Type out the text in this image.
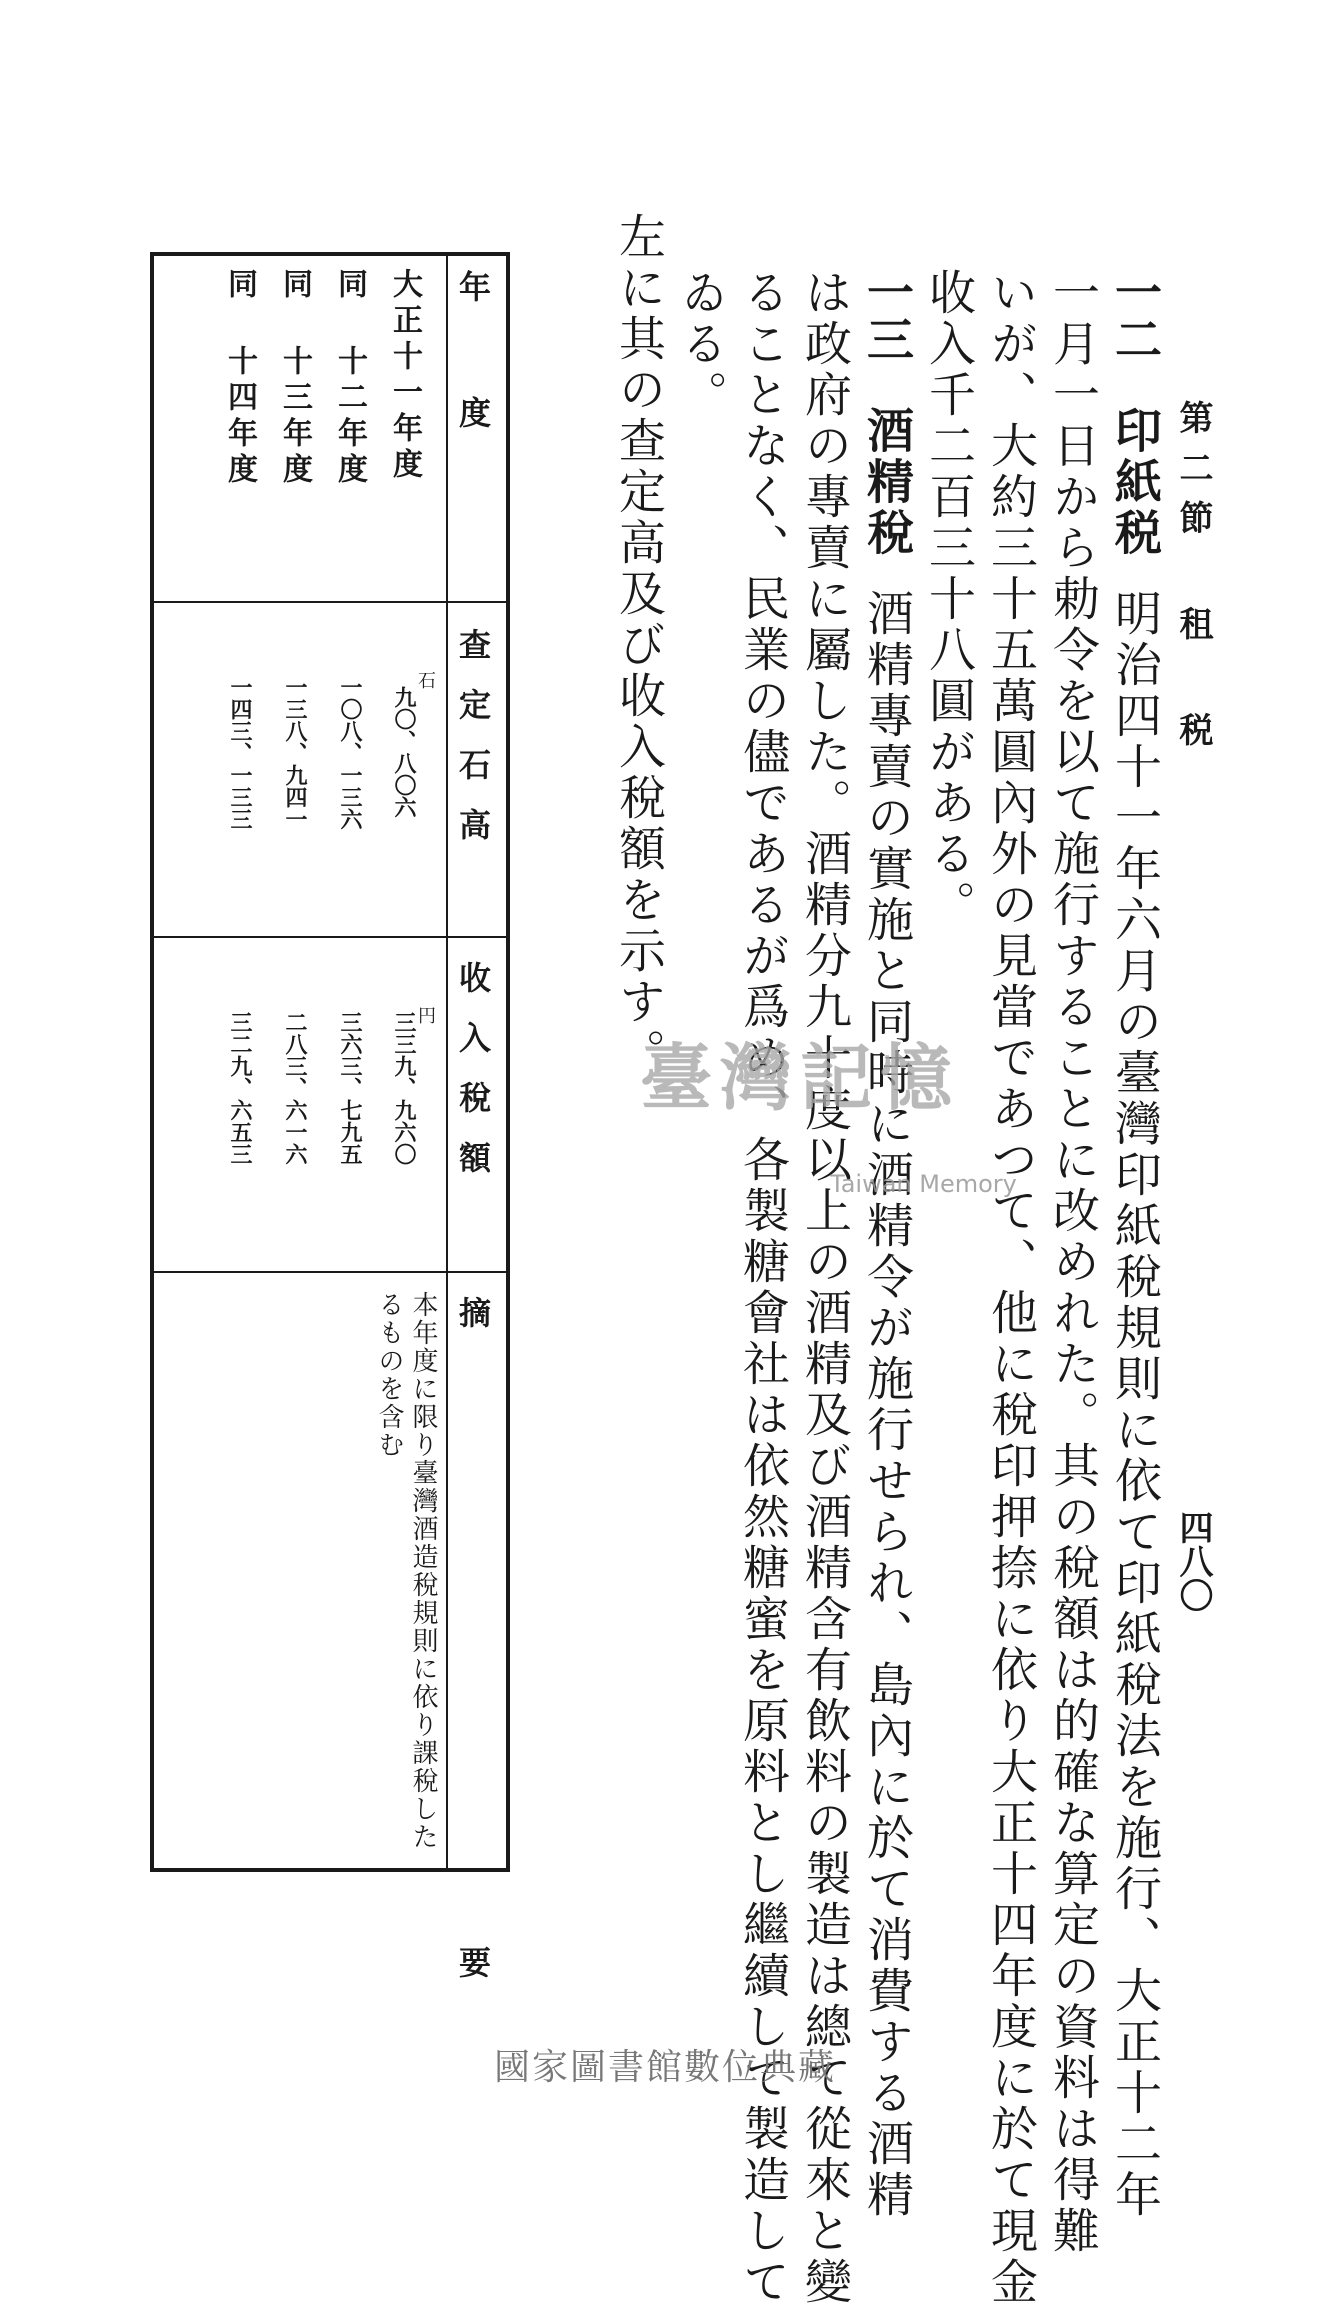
第二節 租 税
四八〇
一二印紙税明治四十一年六月の臺灣印紙稅規則に依て印紙稅法を施行、大正十二年
一月一日から勅令を以て施行することに改めれた。其の稅額は的確な算定の資料は得難
いが、大約三十五萬圓內外の見當であつて、他に稅印押捺に依り大正十四年度に於て現金
收入千二百三十八圓がある。
一三酒精稅酒精專賣の實施と同時に酒精令が施行せられ、島內に於て消費する酒精
は政府の專賣に屬した。酒精分九十度以上の酒精及び酒精含有飲料の製造は總て從來と變
ることなく、民業の儘であるが爲め、各製糖會社は依然糖蜜を原料とし繼續して製造して
ゐる。
左に其の查定高及び收入稅額を示す。
年 度
查定石高
收入稅額
摘 要
石
円
大正十一年度
九〇、八〇六
三三九、九六〇
本年度に限り臺灣酒造稅規則に依り課稅したるものを含む
同 十二年度
一〇八、一三六
三六三、七九五
同 十三年度
一三八、九四一
二八三、六一六
同 十四年度
一四三、一三三
三二九、六五三	臺灣記憶
Taiwan Memory
國家圖書館數位典藏
